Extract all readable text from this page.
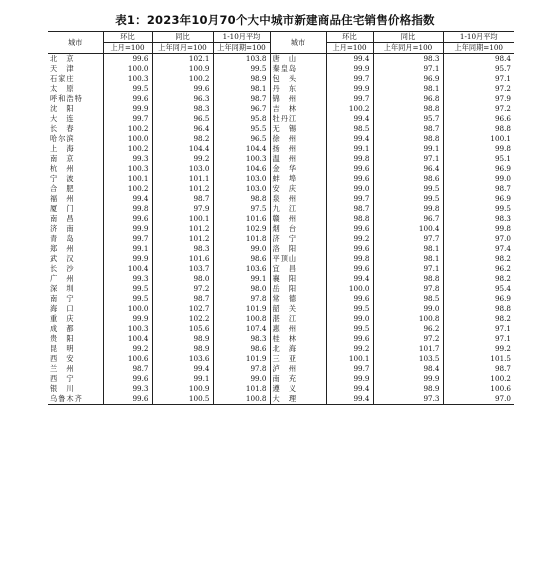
表1：2023年10月70个大中城市新建商品住宅销售价格指数
城市	环比	同比	1-10月平均	城市	环比	同比	1-10月平均
	上月=100	上年同月=100	上年同期=100		上月=100	上年同月=100	上年同期=100
北　京	99.6	102.1	103.8	唐　山	99.4	98.3	98.4
天　津	100.0	100.9	99.5	秦皇岛	99.9	97.1	95.7
石家庄	100.3	100.2	98.9	包　头	99.7	96.9	97.1
太　原	99.5	99.6	98.1	丹　东	99.9	98.1	97.2
呼和浩特	99.6	96.3	98.7	锦　州	99.7	96.8	97.9
沈　阳	99.9	98.3	96.7	吉　林	100.2	98.8	97.2
大　连	99.7	96.5	95.8	牡丹江	99.4	95.7	96.6
长　春	100.2	96.4	95.5	无　锡	98.5	98.7	98.8
哈尔滨	100.0	98.2	96.5	徐　州	99.4	98.8	100.1
上　海	100.2	104.4	104.4	扬　州	99.1	99.1	99.8
南　京	99.3	99.2	100.3	温　州	99.8	97.1	95.1
杭　州	100.3	103.0	104.6	金　华	99.6	96.4	96.9
宁　波	100.1	101.1	103.0	蚌　埠	99.6	98.6	99.0
合　肥	100.2	101.2	103.0	安　庆	99.0	99.5	98.7
福　州	99.4	98.7	98.8	泉　州	99.7	99.5	96.9
厦　门	99.8	97.9	97.5	九　江	98.7	99.8	99.5
南　昌	99.6	100.1	101.6	赣　州	98.8	96.7	98.3
济　南	99.9	101.2	102.9	烟　台	99.6	100.4	99.8
青　岛	99.7	101.2	101.8	济　宁	99.2	97.7	97.0
郑　州	99.1	98.3	99.0	洛　阳	99.6	98.1	97.4
武　汉	99.9	101.6	98.6	平顶山	99.8	98.1	98.2
长　沙	100.4	103.7	103.6	宜　昌	99.6	97.1	96.2
广　州	99.3	98.0	99.1	襄　阳	99.4	98.8	98.2
深　圳	99.5	97.2	98.0	岳　阳	100.0	97.8	95.4
南　宁	99.5	98.7	97.8	常　德	99.6	98.5	96.9
海　口	100.0	102.7	101.9	韶　关	99.5	99.0	98.8
重　庆	99.9	102.2	100.8	湛　江	99.0	100.8	98.2
成　都	100.3	105.6	107.4	惠　州	99.5	96.2	97.1
贵　阳	100.4	98.9	98.3	桂　林	99.6	97.2	97.1
昆　明	99.2	98.9	98.6	北　海	99.2	101.7	99.2
西　安	100.6	103.6	101.9	三　亚	100.1	103.5	101.5
兰　州	98.7	99.4	97.8	泸　州	99.7	98.4	98.7
西　宁	99.6	99.1	99.0	南　充	99.9	99.9	100.2
银　川	99.3	100.9	101.8	遵　义	99.4	98.9	100.6
乌鲁木齐	99.6	100.5	100.8	大　理	99.4	97.3	97.0
